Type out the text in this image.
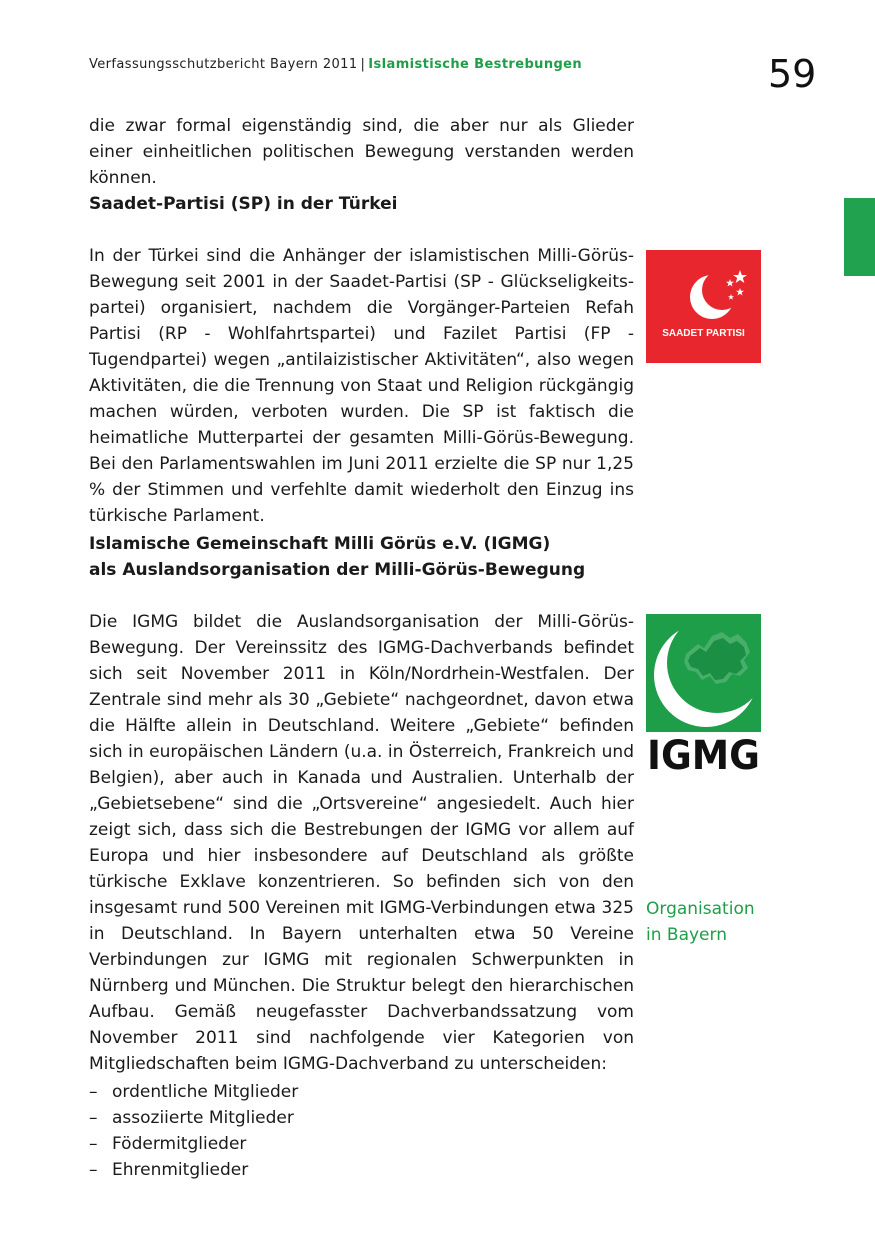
Verfassungsschutzbericht Bayern 2011 | Islamistische Bestrebungen	59

die zwar formal eigenständig sind, die aber nur als Glieder einer einheitlichen politischen Bewegung verstanden werden können.

Saadet-Partisi (SP) in der Türkei

In der Türkei sind die Anhänger der islamistischen Milli-Görüs-Bewegung seit 2001 in der Saadet-Partisi (SP - Glückseligkeits-partei) organisiert, nachdem die Vorgänger-Parteien Refah Partisi (RP - Wohlfahrtspartei) und Fazilet Partisi (FP - Tugendpartei) wegen „antilaizistischer Aktivitäten“, also wegen Aktivitäten, die die Trennung von Staat und Religion rückgängig machen würden, verboten wurden. Die SP ist faktisch die heimatliche Mutterpartei der gesamten Milli-Görüs-Bewegung. Bei den Parlamentswahlen im Juni 2011 erzielte die SP nur 1,25 % der Stimmen und verfehlte damit wiederholt den Einzug ins türkische Parlament.

Islamische Gemeinschaft Milli Görüs e.V. (IGMG)
als Auslandsorganisation der Milli-Görüs-Bewegung

Die IGMG bildet die Auslandsorganisation der Milli-Görüs-Bewegung. Der Vereinssitz des IGMG-Dachverbands befindet sich seit November 2011 in Köln/Nordrhein-Westfalen. Der Zentrale sind mehr als 30 „Gebiete“ nachgeordnet, davon etwa die Hälfte allein in Deutschland. Weitere „Gebiete“ befinden sich in europäischen Ländern (u.a. in Österreich, Frankreich und Belgien), aber auch in Kanada und Australien. Unterhalb der „Gebietsebene“ sind die „Ortsvereine“ angesiedelt. Auch hier zeigt sich, dass sich die Bestrebungen der IGMG vor allem auf Europa und hier insbesondere auf Deutschland als größte türkische Exklave konzentrieren. So befinden sich von den insgesamt rund 500 Vereinen mit IGMG-Verbindungen etwa 325 in Deutschland. In Bayern unterhalten etwa 50 Vereine Verbindungen zur IGMG mit regionalen Schwerpunkten in Nürnberg und München. Die Struktur belegt den hierarchischen Aufbau. Gemäß neugefasster Dachverbandssatzung vom November 2011 sind nachfolgende vier Kategorien von Mitgliedschaften beim IGMG-Dachverband zu unterscheiden:

– ordentliche Mitglieder
– assoziierte Mitglieder
– Födermitglieder
– Ehrenmitglieder
Organisation
in Bayern
SAADET PARTISI
IGMG
